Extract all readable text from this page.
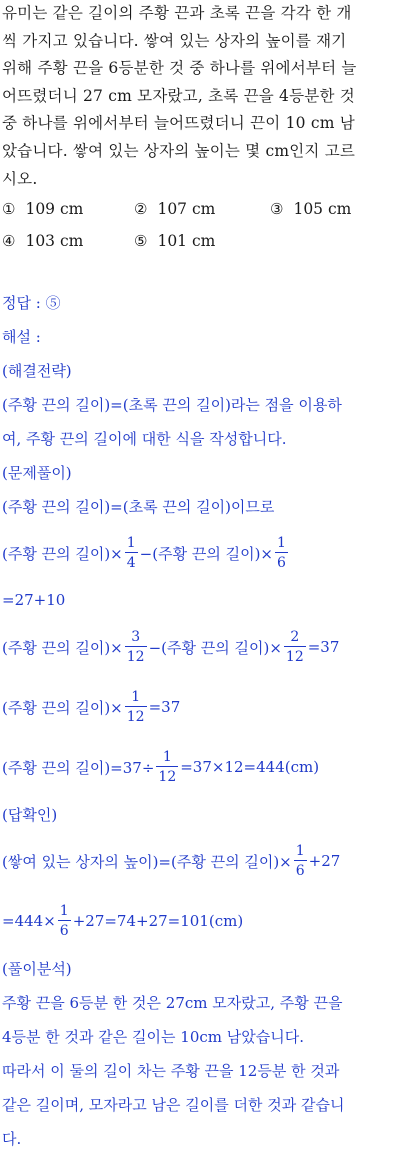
유미는 같은 길이의 주황 끈과 초록 끈을 각각 한 개
씩 가지고 있습니다. 쌓여 있는 상자의 높이를 재기
위해 주황 끈을 6등분한 것 중 하나를 위에서부터 늘
어뜨렸더니 27 cm 모자랐고, 초록 끈을 4등분한 것
중 하나를 위에서부터 늘어뜨렸더니 끈이 10 cm 남
았습니다. 쌓여 있는 상자의 높이는 몇 cm인지 고르
시오.
① 109 cm	② 107 cm	③ 105 cm
④ 103 cm	⑤ 101 cm
정답 : ⑤
해설 :
(해결전략)
(주황 끈의 길이)=(초록 끈의 길이)라는 점을 이용하
여, 주황 끈의 길이에 대한 식을 작성합니다.
(문제풀이)
(주황 끈의 길이)=(초록 끈의 길이)이므로
(주황 끈의 길이)× $\frac{1}{4}$ −(주황 끈의 길이)× $\frac{1}{6}$
=27+10
(주황 끈의 길이)× $\frac{3}{12}$ −(주황 끈의 길이)× $\frac{2}{12} =37$
(주황 끈의 길이)× $\frac{1}{12} =37$
(주황 끈의 길이)$=37\div \frac{1}{12} =37\times 12=444(cm)$
(답확인)
(쌓여 있는 상자의 높이)=(주황 끈의 길이)× $\frac{1}{6} +27$
$=444\times \frac{1}{6} +27=74+27=101(cm)$
(풀이분석)
주황 끈을 6등분 한 것은 27cm 모자랐고, 주황 끈을
4등분 한 것과 같은 길이는 10cm 남았습니다.
따라서 이 둘의 길이 차는 주황 끈을 12등분 한 것과
같은 길이며, 모자라고 남은 길이를 더한 것과 같습니
다.
